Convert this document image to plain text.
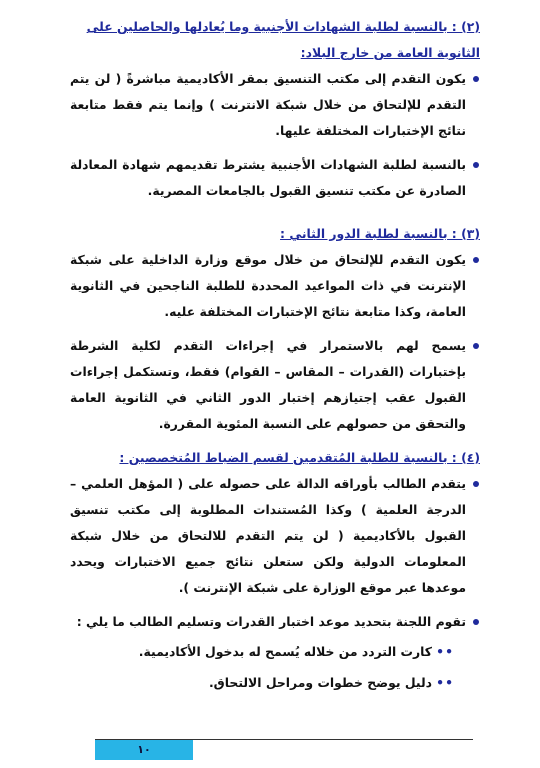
(٢) : بالنسبة لطلبة الشهادات الأجنبية وما يُعادلها والحاصلين على الثانوية العامة من خارج البلاد:

يكون التقدم إلى مكتب التنسيق بمقر الأكاديمية مباشرةً ( لن يتم التقدم للإلتحاق من خلال شبكة الانترنت ) وإنما يتم فقط متابعة نتائج الإختبارات المختلفة عليها.
بالنسبة لطلبة الشهادات الأجنبية يشترط تقديمهم شهادة المعادلة الصادرة عن مكتب تنسيق القبول بالجامعات المصرية.

(٣) : بالنسبة لطلبة الدور الثاني :

يكون التقدم للإلتحاق من خلال موقع وزارة الداخلية على شبكة الإنترنت في ذات المواعيد المحددة للطلبة الناجحين في الثانوية العامة، وكذا متابعة نتائج الإختبارات المختلفة عليه.
يسمح لهم بالاستمرار في إجراءات التقدم لكلية الشرطة بإختبارات (القدرات – المقاس – القوام) فقط، وتستكمل إجراءات القبول عقب إجتيازهم إختبار الدور الثاني في الثانوية العامة والتحقق من حصولهم على النسبة المئوية المقررة.

(٤) : بالنسبة للطلبة المُتقدمين لقسم الضباط المُتخصصين :

يتقدم الطالب بأوراقه الدالة على حصوله على ( المؤهل العلمي – الدرجة العلمية ) وكذا المُستندات المطلوبة إلى مكتب تنسيق القبول بالأكاديمية ( لن يتم التقدم للالتحاق من خلال شبكة المعلومات الدولية ولكن ستعلن نتائج جميع الاختبارات ويحدد موعدها عبر موقع الوزارة على شبكة الإنترنت ).
تقوم اللجنة بتحديد موعد اختبار القدرات وتسليم الطالب ما يلي :
••
كارت التردد من خلاله يُسمح له بدخول الأكاديمية.
••
دليل يوضح خطوات ومراحل الالتحاق.
١٠
